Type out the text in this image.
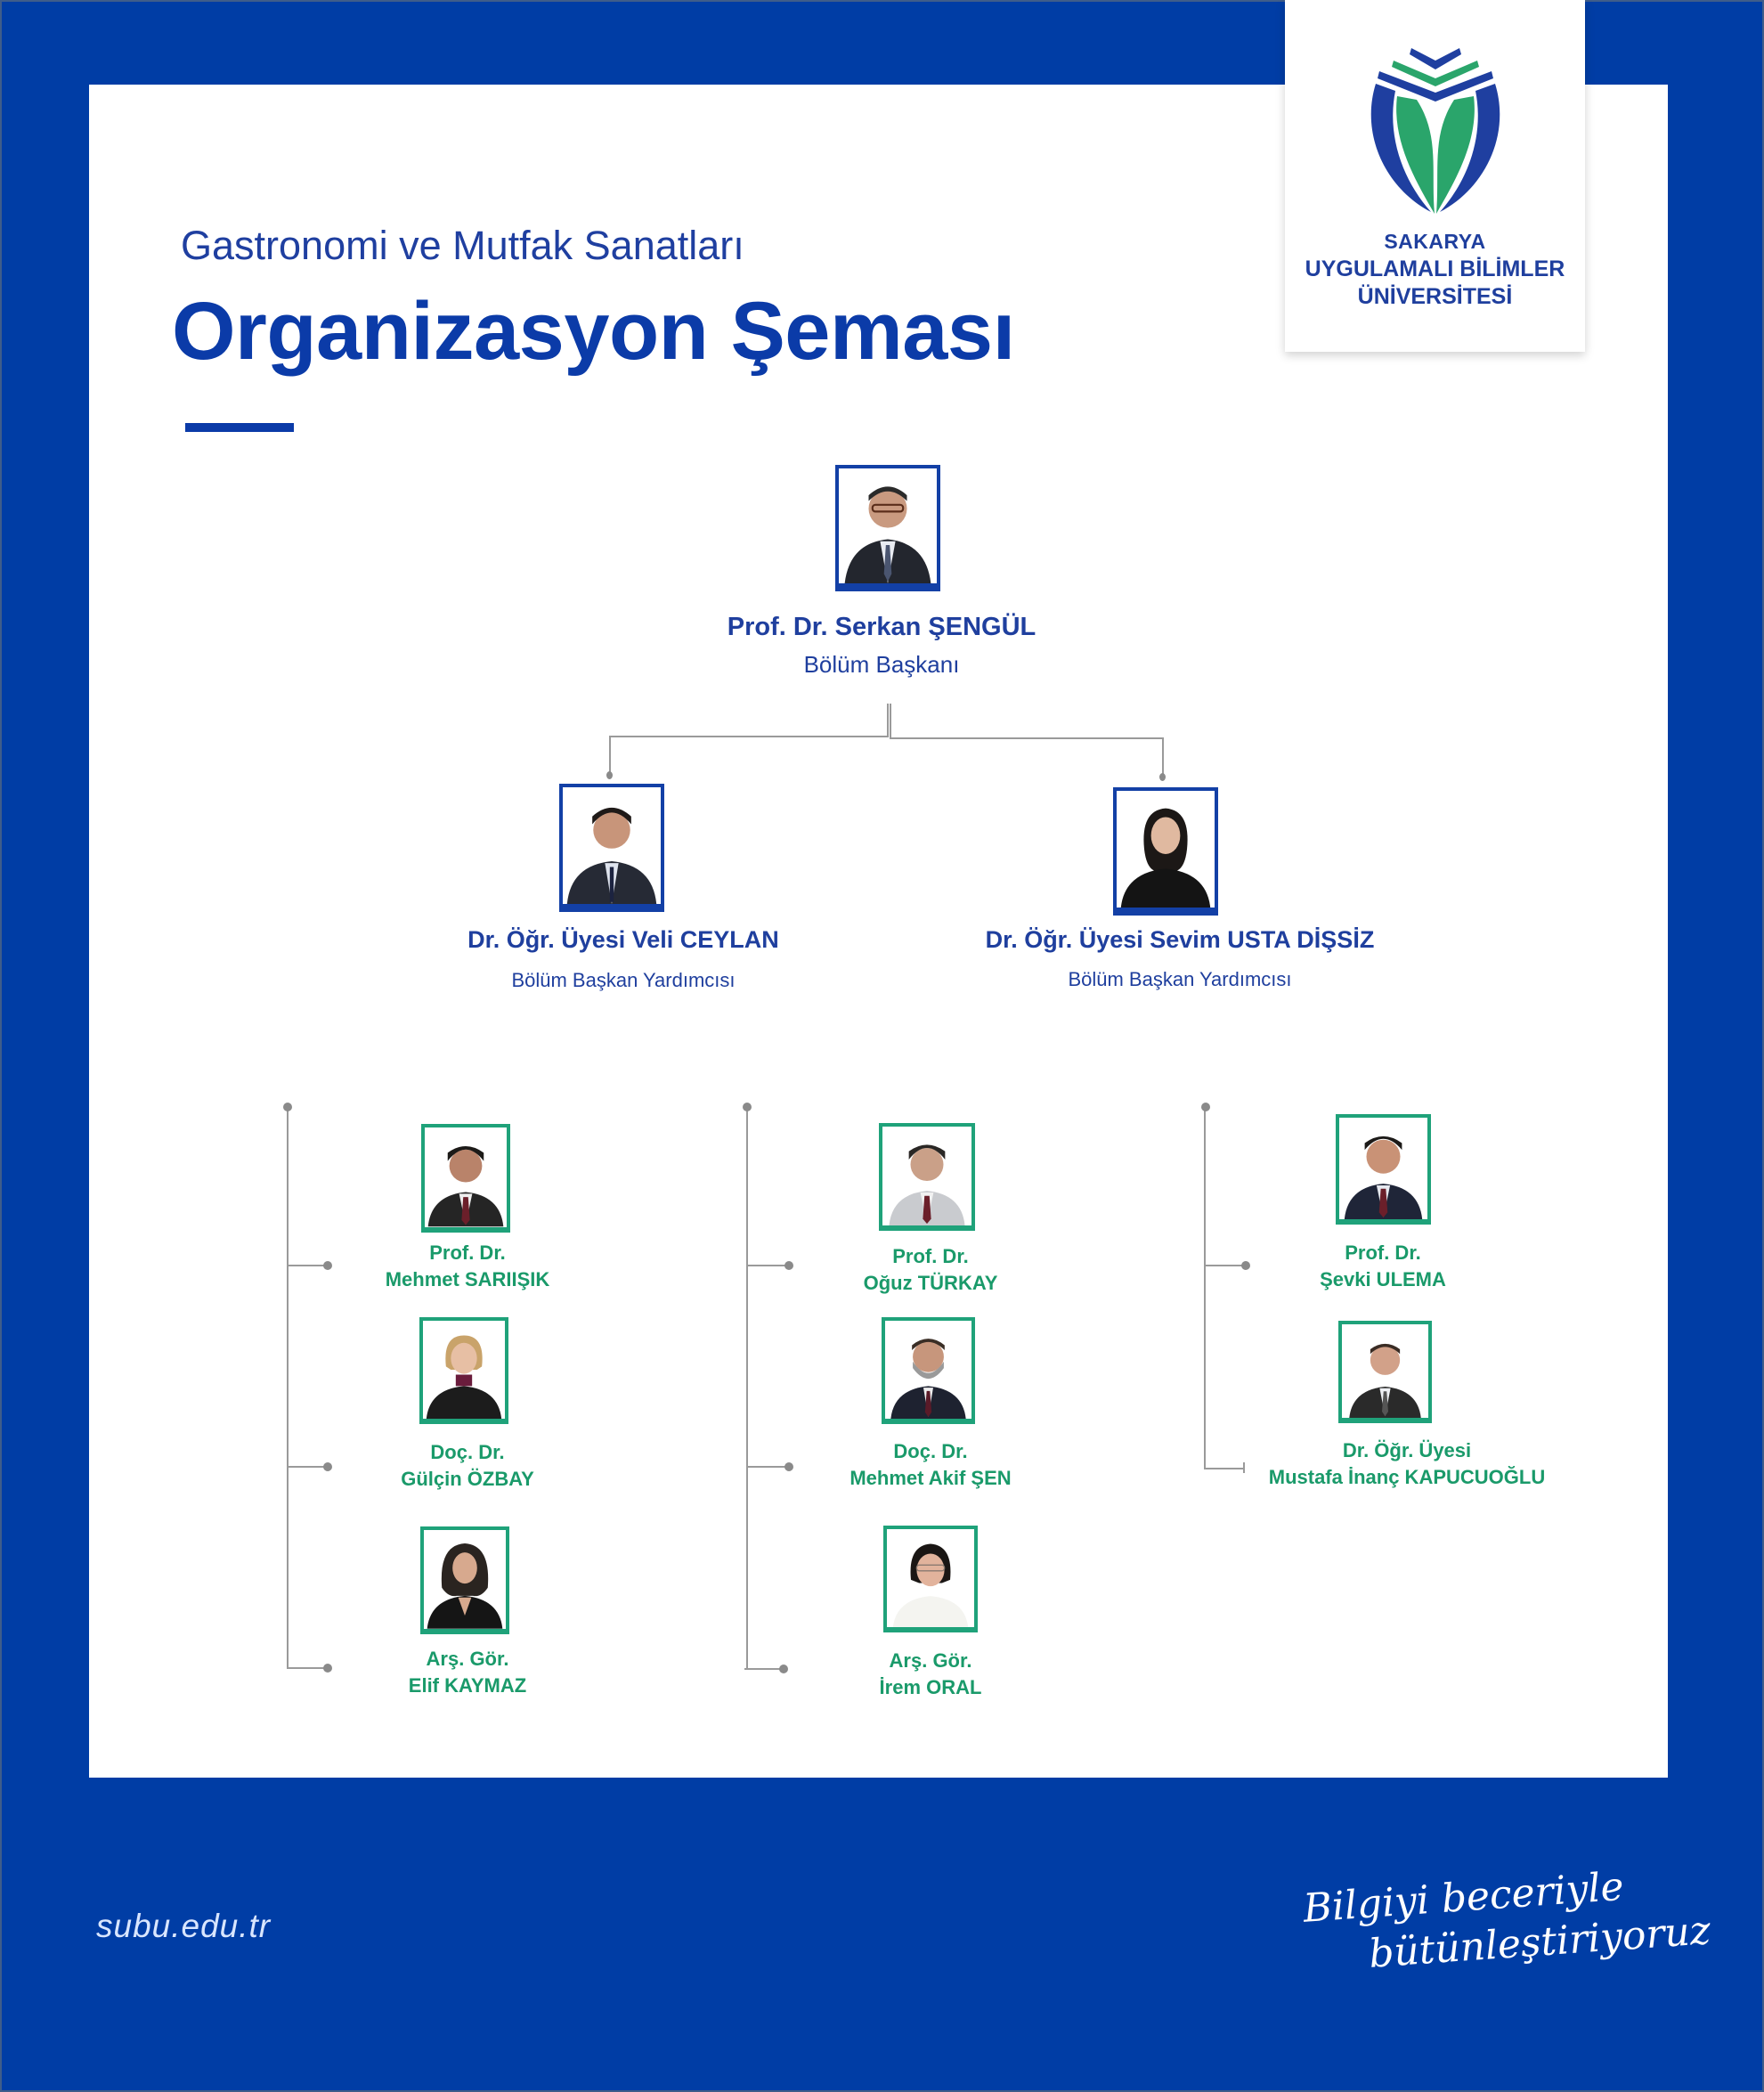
SAKARYA
UYGULAMALI BİLİMLER
ÜNİVERSİTESİ
Gastronomi ve Mutfak Sanatları
Organizasyon Şeması
Prof. Dr. Serkan ŞENGÜL
Bölüm Başkanı
Dr. Öğr. Üyesi Veli CEYLAN
Bölüm Başkan Yardımcısı
Dr. Öğr. Üyesi Sevim USTA DİŞSİZ
Bölüm Başkan Yardımcısı
Prof. Dr.
Mehmet SARIIŞIK
Doç. Dr.
Gülçin ÖZBAY
Arş. Gör.
Elif KAYMAZ
Prof. Dr.
Oğuz TÜRKAY
Doç. Dr.
Mehmet Akif ŞEN
Arş. Gör.
İrem ORAL
Prof. Dr.
Şevki ULEMA
Dr. Öğr. Üyesi
Mustafa İnanç KAPUCUOĞLU
subu.edu.tr	Bilgiyi beceriyle
bütünleştiriyoruz
